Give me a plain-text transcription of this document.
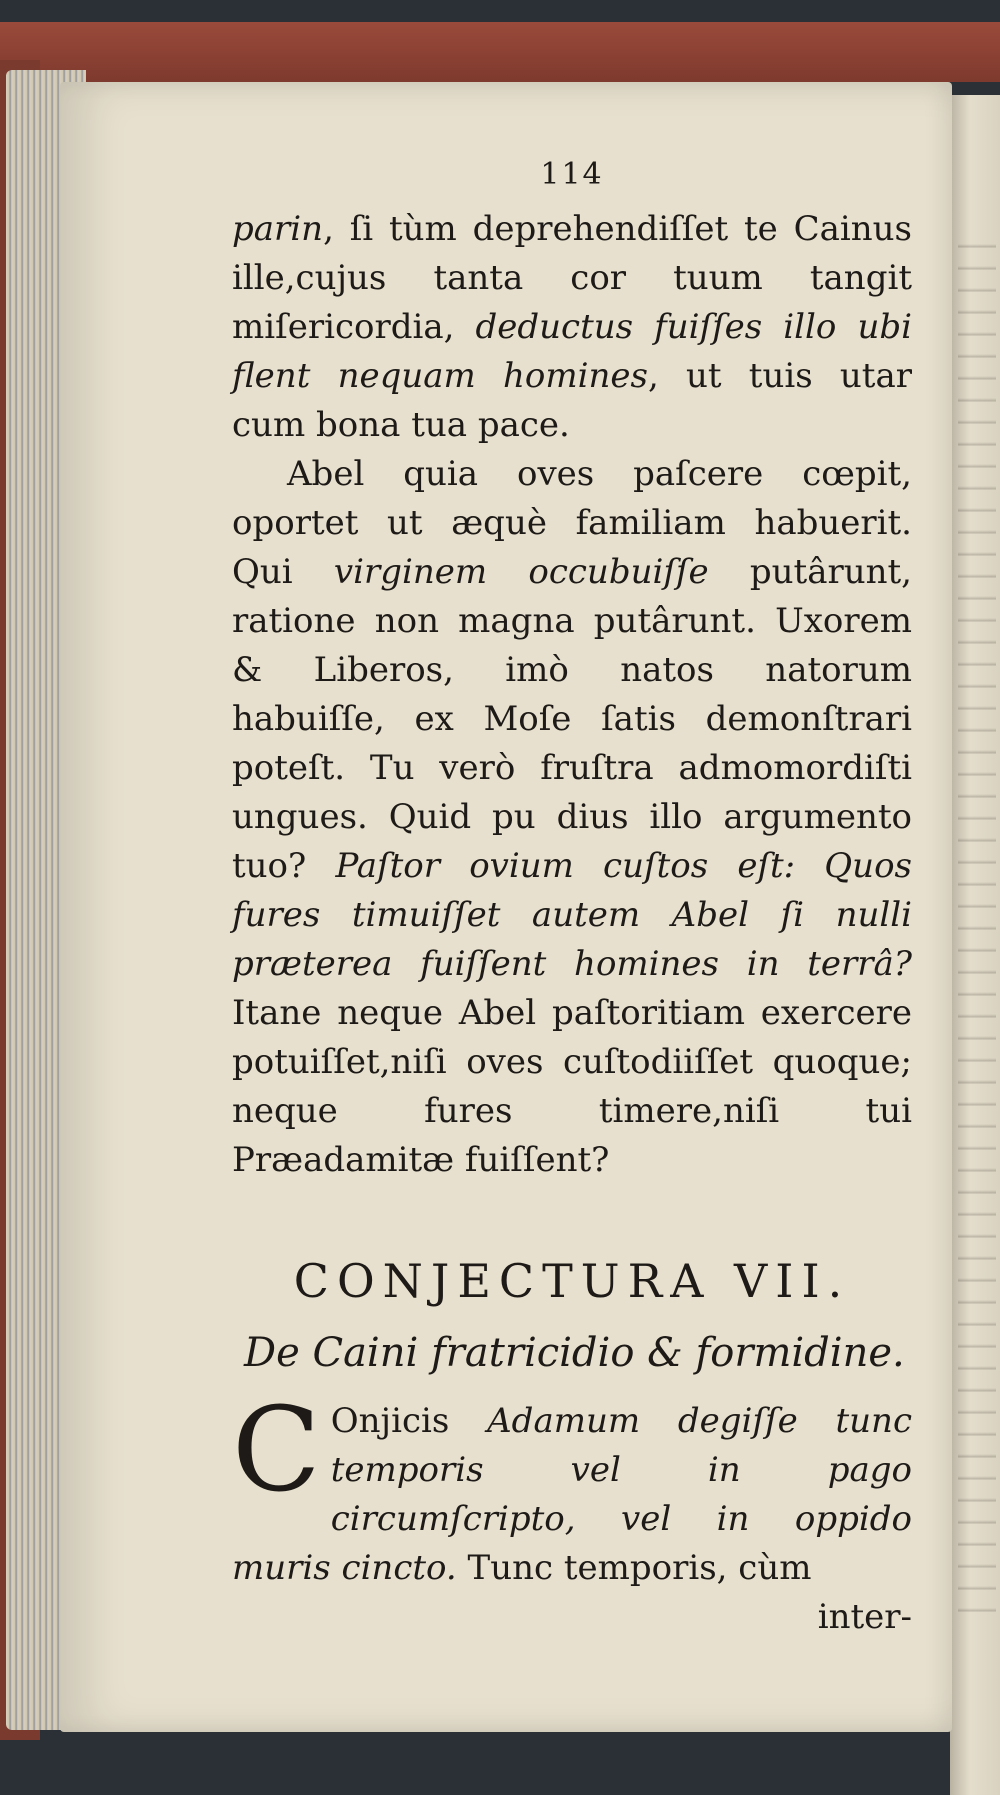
114

parin, ſi tùm deprehendiſſet te Cainus ille,cujus tanta cor tuum tangit miſericordia, deductus fuiſſes illo ubi flent nequam homines, ut tuis utar cum bona tua pace.

Abel quia oves paſcere cœpit, oportet ut æquè familiam habuerit. Qui virginem occubuiſſe putârunt, ratione non magna putârunt. Uxorem & Liberos, imò natos natorum habuiſſe, ex Moſe ſatis demonſtrari poteſt. Tu verò fruſtra admomordiſti ungues. Quid pu dius illo argumento tuo? Paſtor ovium cuſtos eſt: Quos fures timuiſſet autem Abel ſi nulli præterea fuiſſent homines in terrâ? Itane neque Abel paſtoritiam exercere potuiſſet,niſi oves cuſtodiiſſet quoque; neque fures timere,niſi tui Præadamitæ fuiſſent?

CONJECTURA VII.
De Caini fratricidio & formidine.

C Onjicis Adamum degiſſe tunc temporis vel in pago circumſcripto, vel in oppido muris cincto. Tunc temporis, cùm

inter-
